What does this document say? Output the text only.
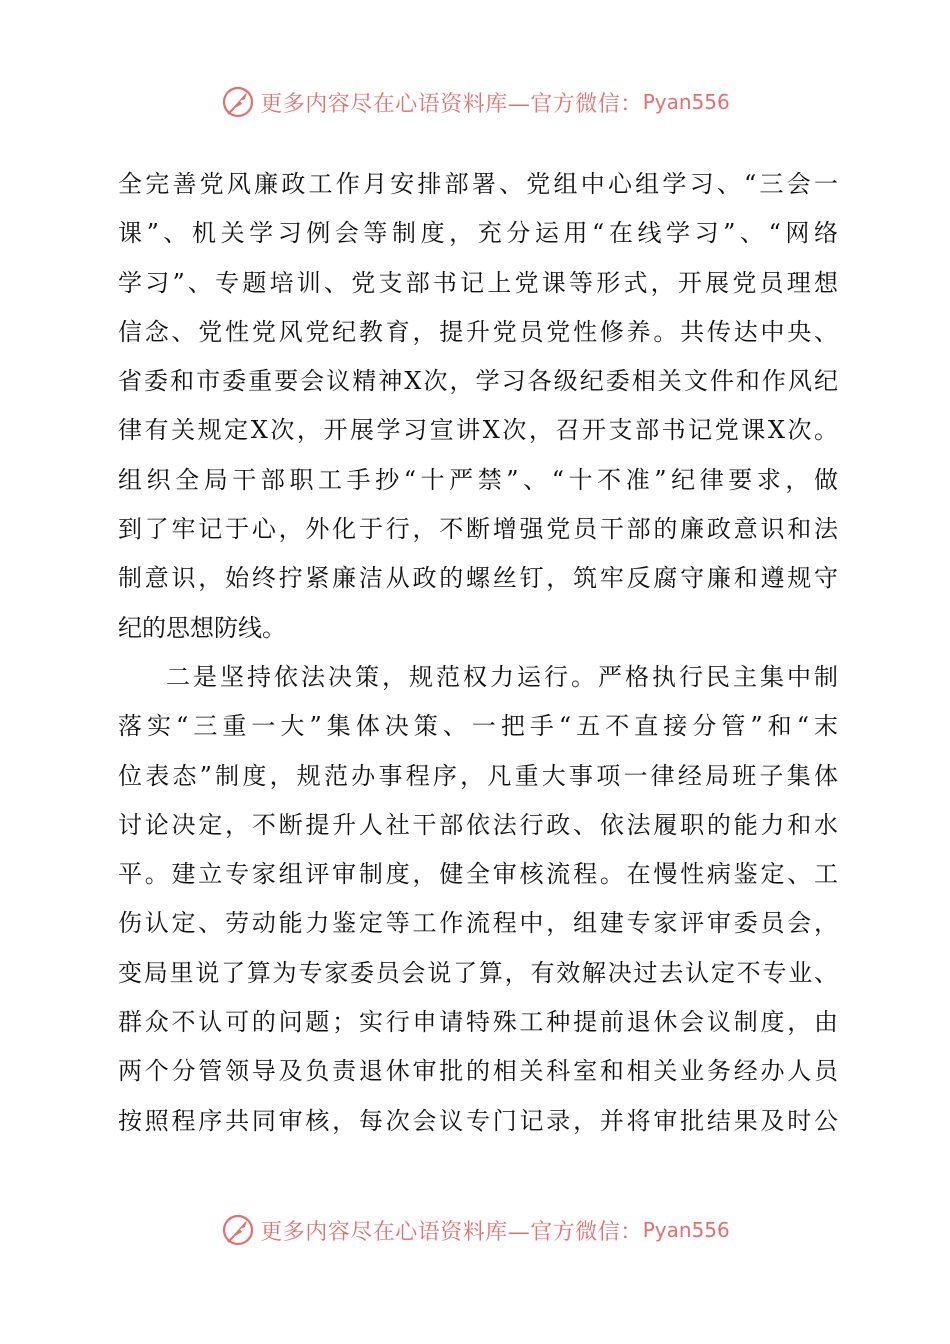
更多内容尽在心语资料库—官方微信： Pyan556
全完善党风廉政工作月安排部署、党组中心组学习、“三会一
课”、机关学习例会等制度，充分运用“在线学习”、“网络
学习”、专题培训、党支部书记上党课等形式，开展党员理想
信念、党性党风党纪教育，提升党员党性修养。共传达中央、
省委和市委重要会议精神X次，学习各级纪委相关文件和作风纪
律有关规定X次，开展学习宣讲X次，召开支部书记党课X次。
组织全局干部职工手抄“十严禁”、“十不准”纪律要求，做
到了牢记于心，外化于行，不断增强党员干部的廉政意识和法
制意识，始终拧紧廉洁从政的螺丝钉，筑牢反腐守廉和遵规守
纪的思想防线。
二是坚持依法决策，规范权力运行。严格执行民主集中制
落实“三重一大”集体决策、一把手“五不直接分管”和“末
位表态”制度，规范办事程序，凡重大事项一律经局班子集体
讨论决定，不断提升人社干部依法行政、依法履职的能力和水
平。建立专家组评审制度，健全审核流程。在慢性病鉴定、工
伤认定、劳动能力鉴定等工作流程中，组建专家评审委员会，
变局里说了算为专家委员会说了算，有效解决过去认定不专业、
群众不认可的问题；实行申请特殊工种提前退休会议制度，由
两个分管领导及负责退休审批的相关科室和相关业务经办人员
按照程序共同审核，每次会议专门记录，并将审批结果及时公
更多内容尽在心语资料库—官方微信： Pyan556
